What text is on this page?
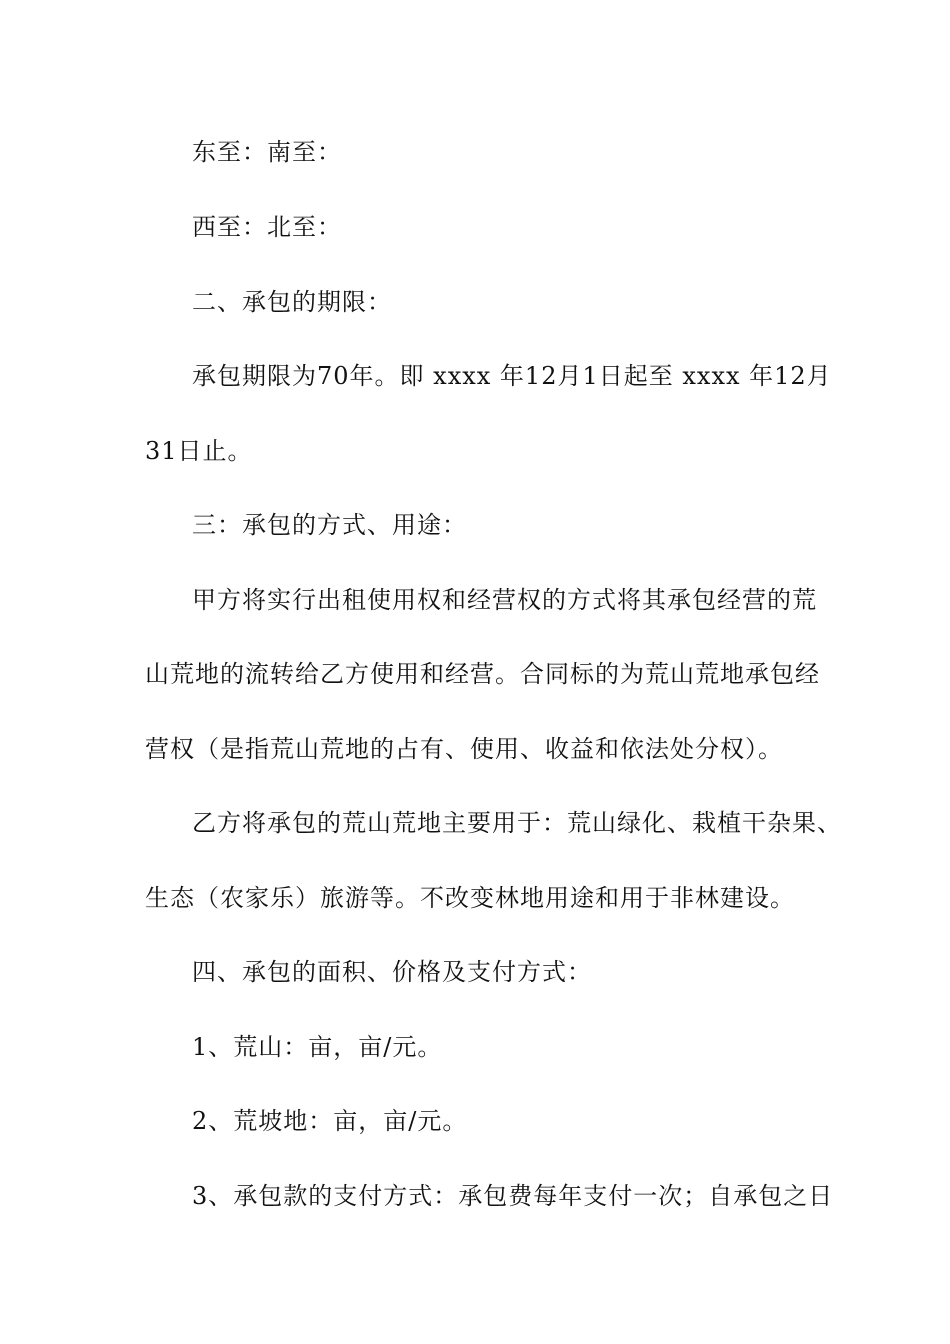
东至：南至：
西至：北至：
二、承包的期限：
承包期限为70年。即 xxxx 年12月1日起至 xxxx 年12月
31日止。
三：承包的方式、用途：
甲方将实行出租使用权和经营权的方式将其承包经营的荒
山荒地的流转给乙方使用和经营。合同标的为荒山荒地承包经
营权（是指荒山荒地的占有、使用、收益和依法处分权）。
乙方将承包的荒山荒地主要用于：荒山绿化、栽植干杂果、
生态（农家乐）旅游等。不改变林地用途和用于非林建设。
四、承包的面积、价格及支付方式：
1、荒山：亩，亩/元。
2、荒坡地：亩，亩/元。
3、承包款的支付方式：承包费每年支付一次；自承包之日
